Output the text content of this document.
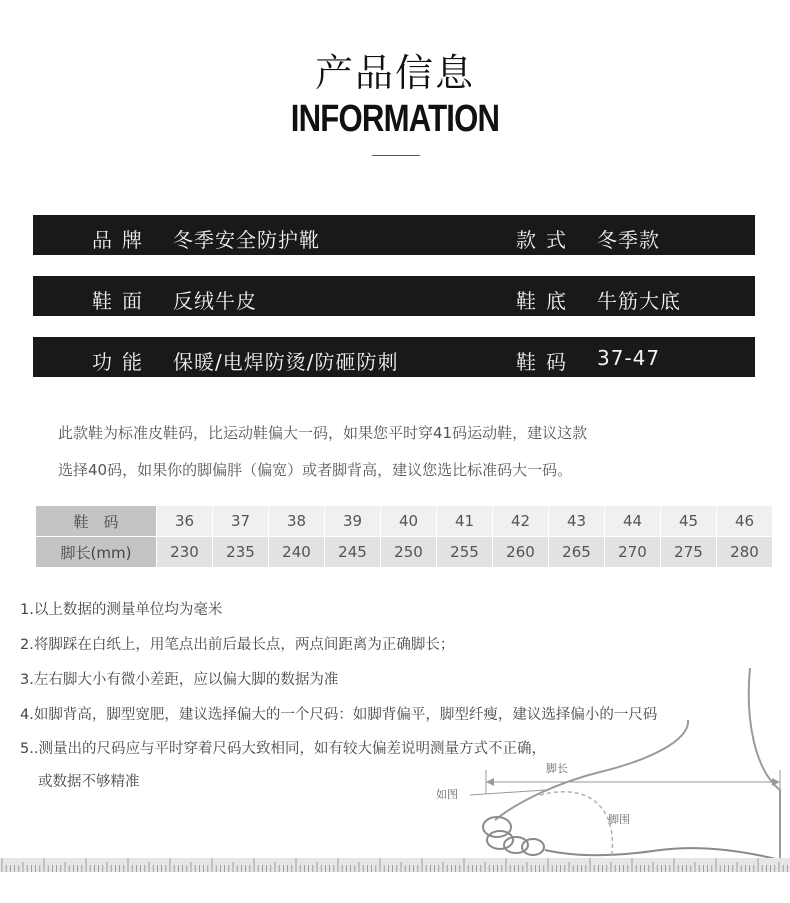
产品信息
INFORMATION
品牌 冬季安全防护靴	款式 冬季款
鞋面 反绒牛皮	鞋底 牛筋大底
功能 保暖/电焊防烫/防砸防刺	鞋码 37-47
此款鞋为标准皮鞋码，比运动鞋偏大一码，如果您平时穿41码运动鞋，建议这款
选择40码，如果你的脚偏胖（偏宽）或者脚背高，建议您选比标准码大一码。
鞋　码	36	37	38	39	40	41	42	43	44	45	46
脚长(mm)	230	235	240	245	250	255	260	265	270	275	280
脚长
如图
脚围
1.以上数据的测量单位均为毫米
2.将脚踩在白纸上，用笔点出前后最长点，两点间距离为正确脚长；
3.左右脚大小有微小差距，应以偏大脚的数据为准
4.如脚背高，脚型宽肥，建议选择偏大的一个尺码：如脚背偏平，脚型纤瘦，建议选择偏小的一尺码
5..测量出的尺码应与平时穿着尺码大致相同，如有较大偏差说明测量方式不正确，
或数据不够精准
